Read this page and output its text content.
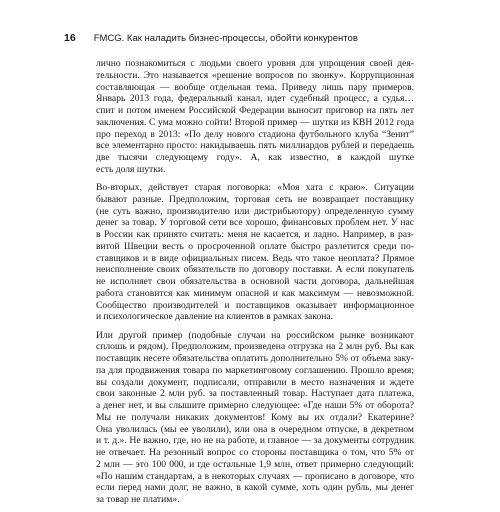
16 FMCG. Как наладить бизнес-процессы, обойти конкурентов
лично познакомиться с людьми своего уровня для упрощения своей дея-
тельности. Это называется «решение вопросов по звонку». Коррупционная
составляющая — вообще отдельная тема. Приведу лишь пару примеров.
Январь 2013 года, федеральный канал, идет судебный процесс, а судья…
спит и потом именем Российской Федерации выносит приговор на пять лет
заключения. С ума можно сойти! Второй пример — шутки из КВН 2012 года
про переход в 2013: «По делу нового стадиона футбольного клуба “Зенит”
все элементарно просто: накидываешь пять миллиардов рублей и передаешь
две тысячи следующему году». А, как известно, в каждой шутке
есть доля шутки.
Во-вторых, действует старая поговорка: «Моя хата с краю». Ситуации
бывают разные. Предположим, торговая сеть не возвращает поставщику
(не суть важно, производителю или дистрибьютору) определенную сумму
денег за товар. У торговой сети все хорошо, финансовых проблем нет. У нас
в России как принято считать: меня не касается, и ладно. Например, в раз-
витой Швеции весть о просроченной оплате быстро разлетится среди по-
ставщиков и в виде официальных писем. Ведь что такое неоплата? Прямое
неисполнение своих обязательств по договору поставки. А если покупатель
не исполняет свои обязательства в основной части договора, дальнейшая
работа становится как минимум опасной и как максимум — невозможной.
Сообщество производителей и поставщиков оказывает информационное
и психологическое давление на клиентов в рамках закона.
Или другой пример (подобные случаи на российском рынке возникают
сплошь и рядом). Предположим, произведена отгрузка на 2 млн руб. Вы как
поставщик несете обязательства оплатить дополнительно 5% от объема заку-
па для продвижения товара по маркетинговому соглашению. Прошло время;
вы создали документ, подписали, отправили в место назначения и ждете
свои законные 2 млн руб. за поставленный товар. Наступает дата платежа,
а денег нет, и вы слышите примерно следующее: «Где наши 5% от оборота?
Мы не получали никаких документов! Кому вы их отдали? Екатерине?
Она уволилась (мы ее уволили), или она в очередном отпуске, в декретном
и т. д.». Не важно, где, но не на работе, и главное — за документы сотрудник
не отвечает. На резонный вопрос со стороны поставщика о том, что 5% от
2 млн — это 100 000, и где остальные 1,9 млн, ответ примерно следующий:
«По нашим стандартам, а в некоторых случаях — прописано в договоре, что
если перед нами долг, не важно, в какой сумме, хоть один рубль, мы денег
за товар не платим».
